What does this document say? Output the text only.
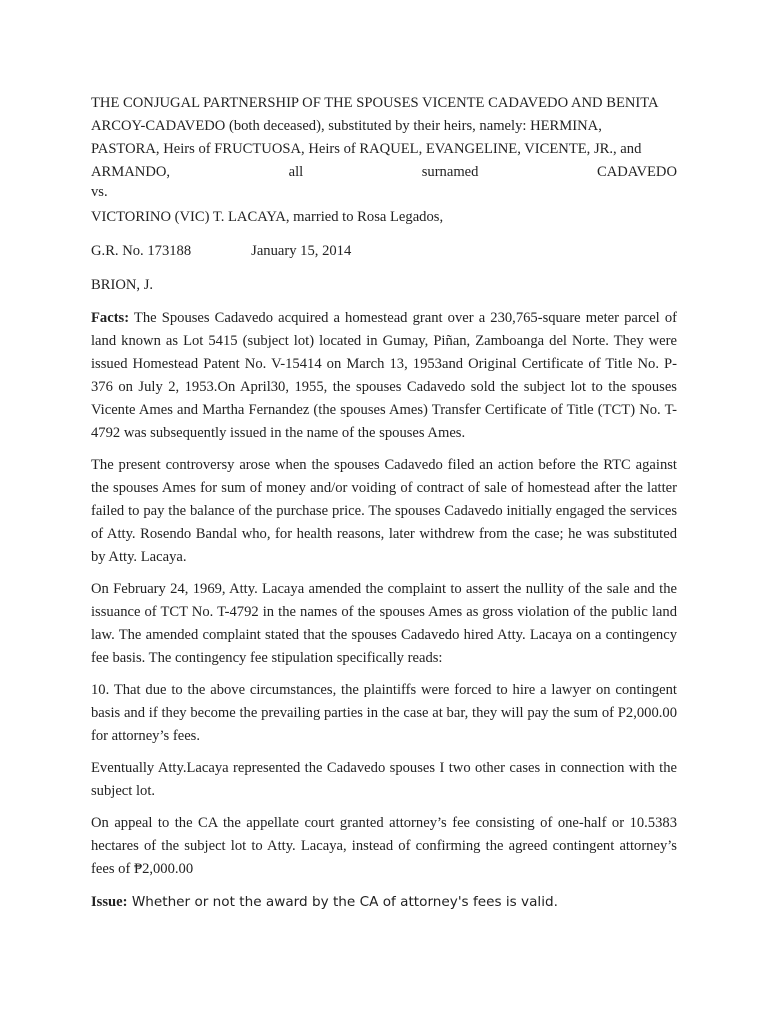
THE CONJUGAL PARTNERSHIP OF THE SPOUSES VICENTE CADAVEDO AND BENITA

ARCOY-CADAVEDO (both deceased), substituted by their heirs, namely: HERMINA,

PASTORA, Heirs of FRUCTUOSA, Heirs of RAQUEL, EVANGELINE, VICENTE, JR., and

ARMANDO, all surnamed CADAVEDO

vs.

VICTORINO (VIC) T. LACAYA, married to Rosa Legados,

G.R. No. 173188	January 15, 2014

BRION, J.

Facts: The Spouses Cadavedo acquired a homestead grant over a 230,765-square meter parcel of land known as Lot 5415 (subject lot) located in Gumay, Piñan, Zamboanga del Norte. They were issued Homestead Patent No. V-15414 on March 13, 1953and Original Certificate of Title No. P-376 on July 2, 1953.On April30, 1955, the spouses Cadavedo sold the subject lot to the spouses Vicente Ames and Martha Fernandez (the spouses Ames) Transfer Certificate of Title (TCT) No. T-4792 was subsequently issued in the name of the spouses Ames.

The present controversy arose when the spouses Cadavedo filed an action before the RTC against the spouses Ames for sum of money and/or voiding of contract of sale of homestead after the latter failed to pay the balance of the purchase price. The spouses Cadavedo initially engaged the services of Atty. Rosendo Bandal who, for health reasons, later withdrew from the case; he was substituted by Atty. Lacaya.

On February 24, 1969, Atty. Lacaya amended the complaint to assert the nullity of the sale and the issuance of TCT No. T-4792 in the names of the spouses Ames as gross violation of the public land law. The amended complaint stated that the spouses Cadavedo hired Atty. Lacaya on a contingency fee basis. The contingency fee stipulation specifically reads:

10. That due to the above circumstances, the plaintiffs were forced to hire a lawyer on contingent basis and if they become the prevailing parties in the case at bar, they will pay the sum of P2,000.00 for attorney’s fees.

Eventually Atty.Lacaya represented the Cadavedo spouses I two other cases in connection with the subject lot.

On appeal to the CA the appellate court granted attorney’s fee consisting of one-half or 10.5383 hectares of the subject lot to Atty. Lacaya, instead of confirming the agreed contingent attorney’s fees of ₱2,000.00

Issue: Whether or not the award by the CA of attorney's fees is valid.
